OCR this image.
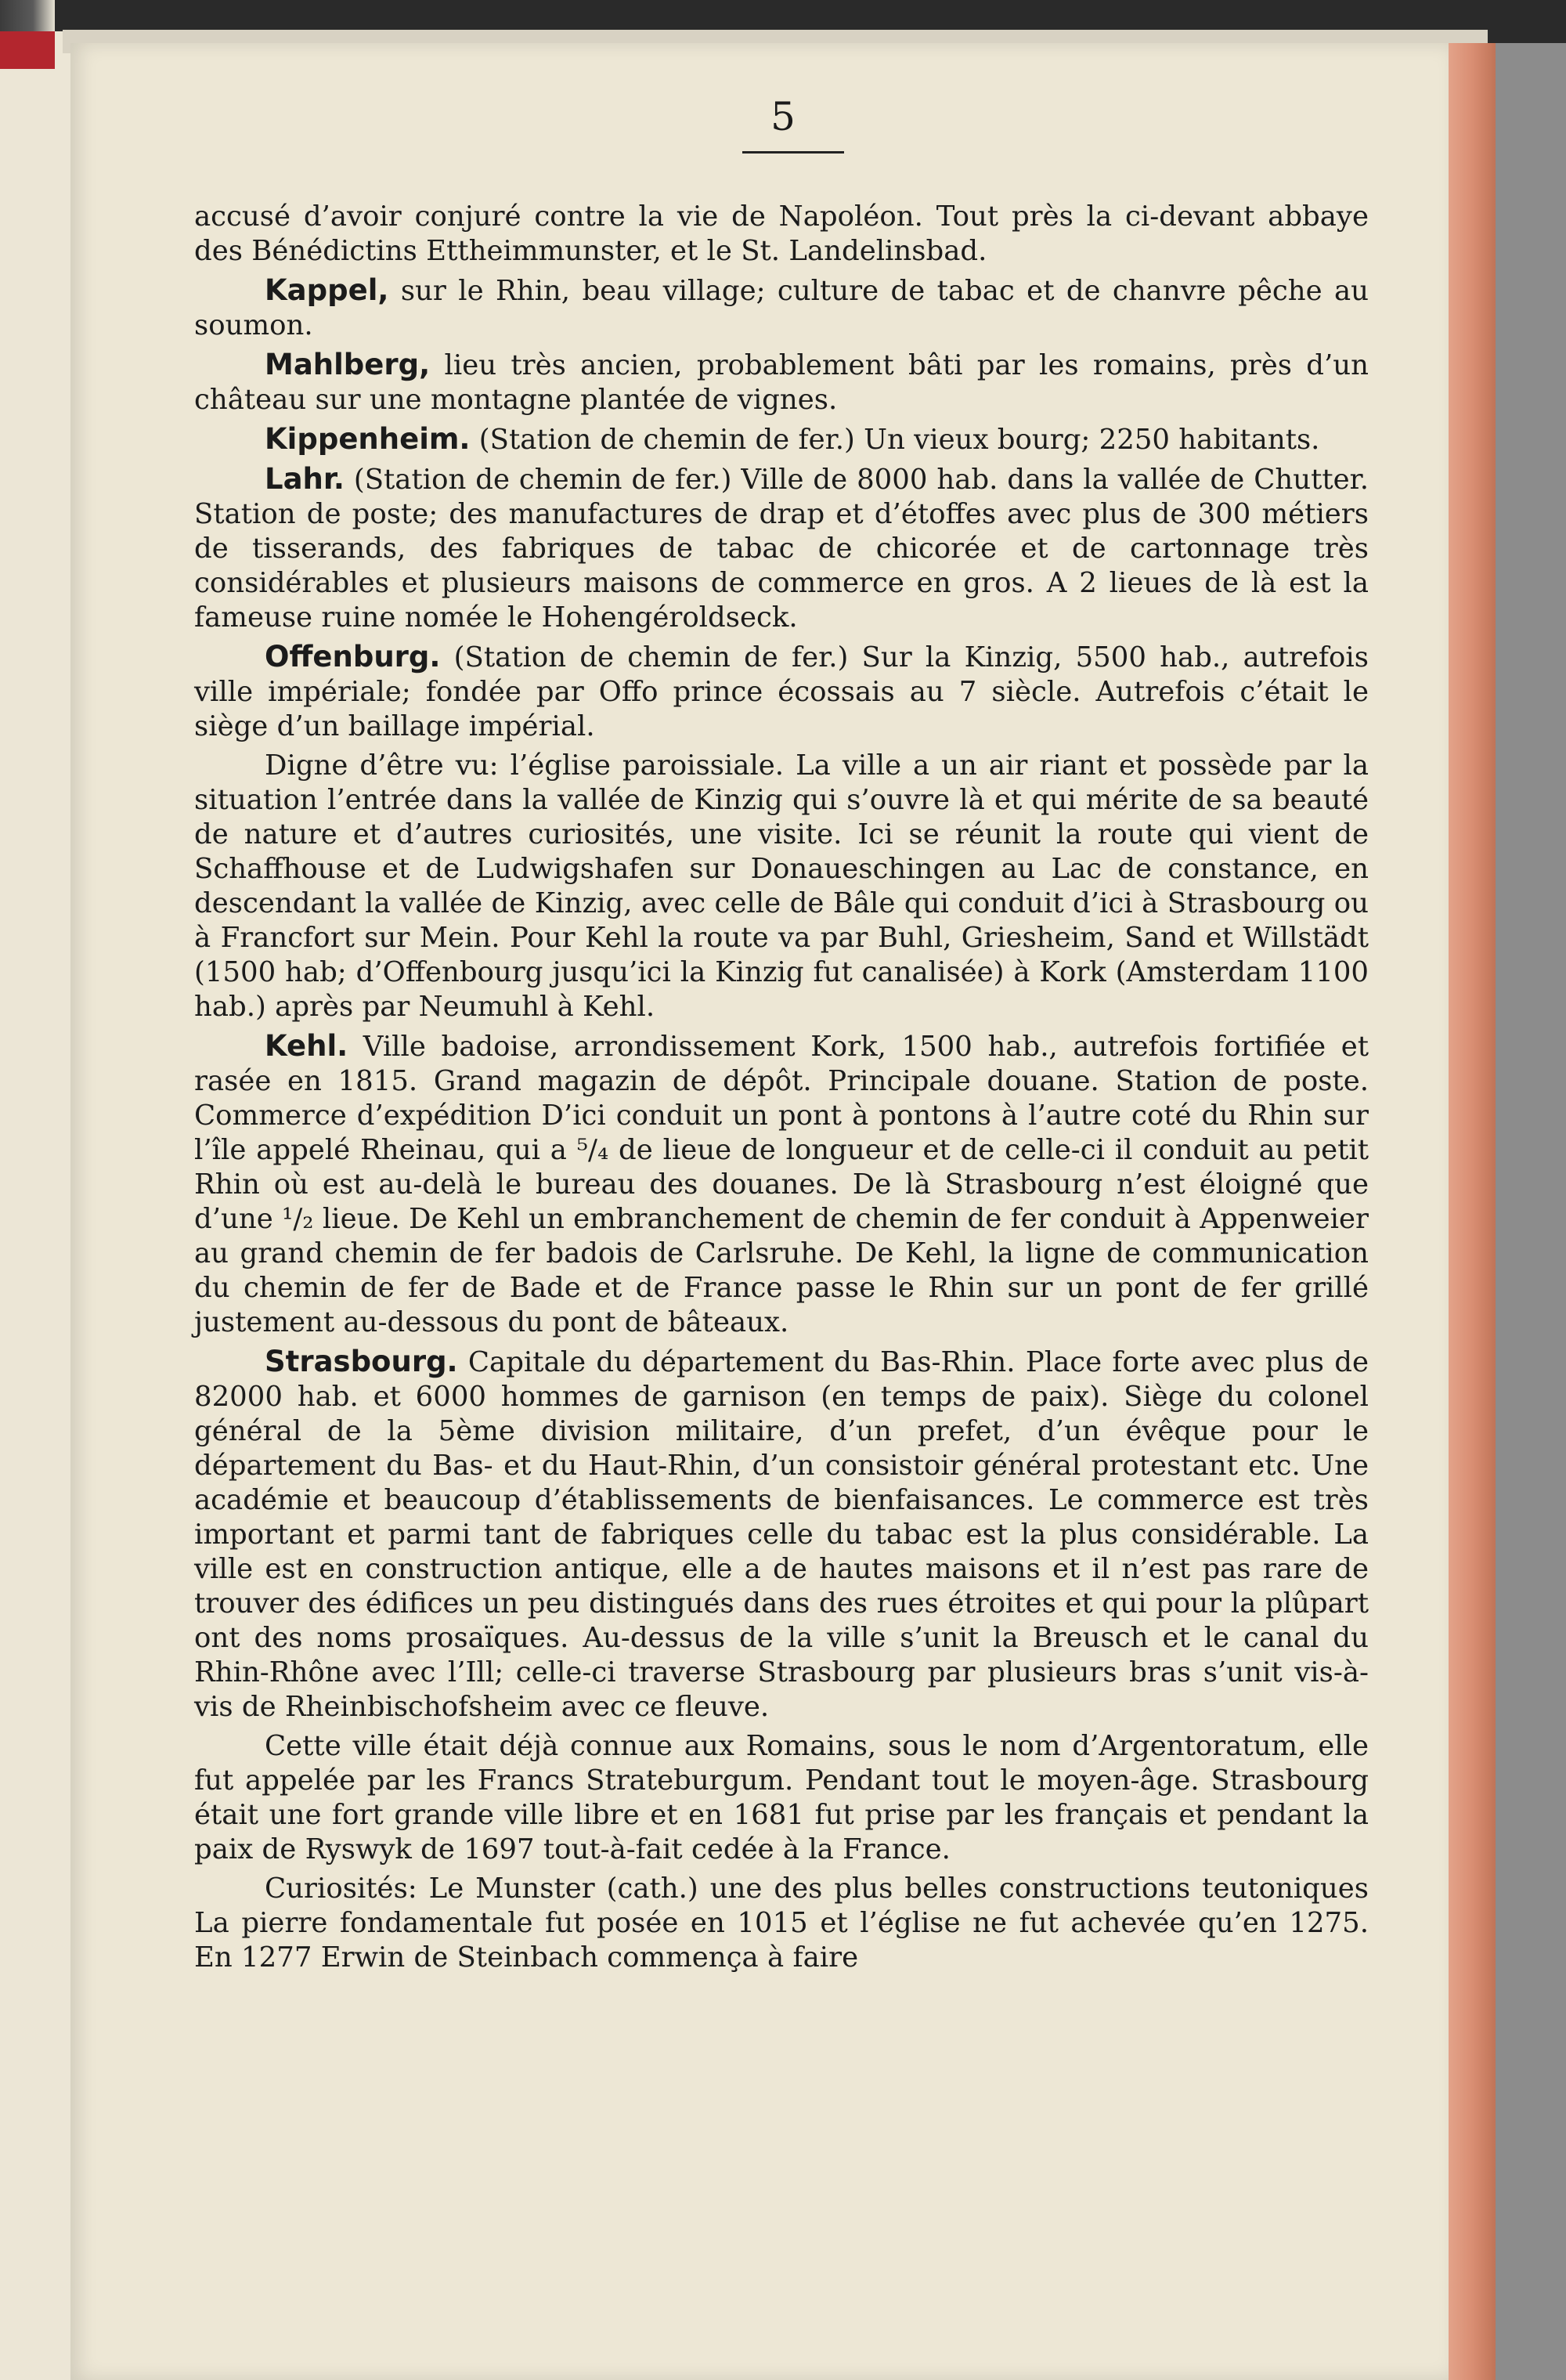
5

accusé d’avoir conjuré contre la vie de Napoléon. Tout près la ci-devant abbaye des Bénédictins Ettheimmunster, et le St. Landelinsbad.

Kappel, sur le Rhin, beau village; culture de tabac et de chanvre pêche au soumon.

Mahlberg, lieu très ancien, probablement bâti par les romains, près d’un château sur une montagne plantée de vignes.

Kippenheim. (Station de chemin de fer.) Un vieux bourg; 2250 habitants.

Lahr. (Station de chemin de fer.) Ville de 8000 hab. dans la vallée de Chutter. Station de poste; des manufactures de drap et d’étoffes avec plus de 300 métiers de tisserands, des fabriques de tabac de chicorée et de cartonnage très considérables et plusieurs maisons de commerce en gros. A 2 lieues de là est la fameuse ruine nomée le Hohengéroldseck.

Offenburg. (Station de chemin de fer.) Sur la Kinzig, 5500 hab., autrefois ville impériale; fondée par Offo prince écossais au 7 siècle. Autrefois c’était le siège d’un baillage impérial.

Digne d’être vu: l’église paroissiale. La ville a un air riant et possède par la situation l’entrée dans la vallée de Kinzig qui s’ouvre là et qui mérite de sa beauté de nature et d’autres curiosités, une visite. Ici se réunit la route qui vient de Schaffhouse et de Ludwigshafen sur Donaueschingen au Lac de constance, en descendant la vallée de Kinzig, avec celle de Bâle qui conduit d’ici à Strasbourg ou à Francfort sur Mein. Pour Kehl la route va par Buhl, Griesheim, Sand et Willstädt (1500 hab; d’Offenbourg jusqu’ici la Kinzig fut canalisée) à Kork (Amsterdam 1100 hab.) après par Neumuhl à Kehl.

Kehl. Ville badoise, arrondissement Kork, 1500 hab., autrefois fortifiée et rasée en 1815. Grand magazin de dépôt. Principale douane. Station de poste. Commerce d’expédition D’ici conduit un pont à pontons à l’autre coté du Rhin sur l’île appelé Rheinau, qui a ⁵/₄ de lieue de longueur et de celle-ci il conduit au petit Rhin où est au-delà le bureau des douanes. De là Strasbourg n’est éloigné que d’une ¹/₂ lieue. De Kehl un embranchement de chemin de fer conduit à Appenweier au grand chemin de fer badois de Carlsruhe. De Kehl, la ligne de communication du chemin de fer de Bade et de France passe le Rhin sur un pont de fer grillé justement au-dessous du pont de bâteaux.

Strasbourg. Capitale du département du Bas-Rhin. Place forte avec plus de 82000 hab. et 6000 hommes de garnison (en temps de paix). Siège du colonel général de la 5ème division militaire, d’un prefet, d’un évêque pour le département du Bas- et du Haut-Rhin, d’un consistoir général protestant etc. Une académie et beaucoup d’établissements de bienfaisances. Le commerce est très important et parmi tant de fabriques celle du tabac est la plus considérable. La ville est en construction antique, elle a de hautes maisons et il n’est pas rare de trouver des édifices un peu distingués dans des rues étroites et qui pour la plûpart ont des noms prosaïques. Au-dessus de la ville s’unit la Breusch et le canal du Rhin-Rhône avec l’Ill; celle-ci traverse Strasbourg par plusieurs bras s’unit vis-à-vis de Rheinbischofsheim avec ce fleuve.

Cette ville était déjà connue aux Romains, sous le nom d’Argentoratum, elle fut appelée par les Francs Strateburgum. Pendant tout le moyen-âge. Strasbourg était une fort grande ville libre et en 1681 fut prise par les français et pendant la paix de Ryswyk de 1697 tout-à-fait cedée à la France.

Curiosités: Le Munster (cath.) une des plus belles constructions teutoniques La pierre fondamentale fut posée en 1015 et l’église ne fut achevée qu’en 1275. En 1277 Erwin de Steinbach commença à faire
